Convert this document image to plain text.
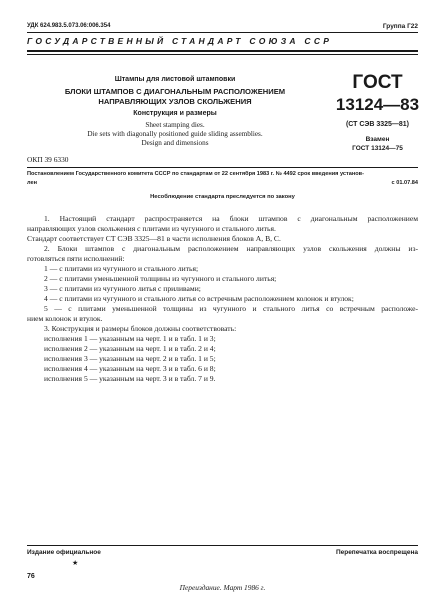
УДК 624.983.5.073.06:006.354	Группа Г22
ГОСУДАРСТВЕННЫЙ СТАНДАРТ СОЮЗА ССР
Штампы для листовой штамповки
БЛОКИ ШТАМПОВ С ДИАГОНАЛЬНЫМ РАСПОЛОЖЕНИЕМ
НАПРАВЛЯЮЩИХ УЗЛОВ СКОЛЬЖЕНИЯ
Конструкция и размеры
Sheet stamping dies.
Die sets with diagonally positioned guide sliding assemblies.
Design and dimensions
ГОСТ
13124—83
(СТ СЭВ 3325—81)
Взамен
ГОСТ 13124—75
ОКП 39 6330
Постановлением Государственного комитета СССР по стандартам от 22 сентября 1983 г. № 4492 срок введения установ-
лен	с 01.07.84
Несоблюдение стандарта преследуется по закону
1. Настоящий стандарт распространяется на блоки штампов с диагональным расположением
направляющих узлов скольжения с плитами из чугунного и стального литья.
Стандарт соответствует СТ СЭВ 3325—81 в части исполнения блоков А, В, С.
2. Блоки штампов с диагональным расположением направляющих узлов скольжения должны из-
готовляться пяти исполнений:
1 — с плитами из чугунного и стального литья;
2 — с плитами уменьшенной толщины из чугунного и стального литья;
3 — с плитами из чугунного литья с приливами;
4 — с плитами из чугунного и стального литья со встречным расположением колонок и втулок;
5 — с плитами уменьшенной толщины из чугунного и стального литья со встречным расположе-
нием колонок и втулок.
3. Конструкция и размеры блоков должны соответствовать:
исполнения 1 — указанным на черт. 1 и в табл. 1 и 3;
исполнения 2 — указанным на черт. 1 и в табл. 2 и 4;
исполнения 3 — указанным на черт. 2 и в табл. 1 и 5;
исполнения 4 — указанным на черт. 3 и в табл. 6 и 8;
исполнения 5 — указанным на черт. 3 и в табл. 7 и 9.
Издание официальное
★
Перепечатка воспрещена
76
Переиздание. Март 1986 г.
